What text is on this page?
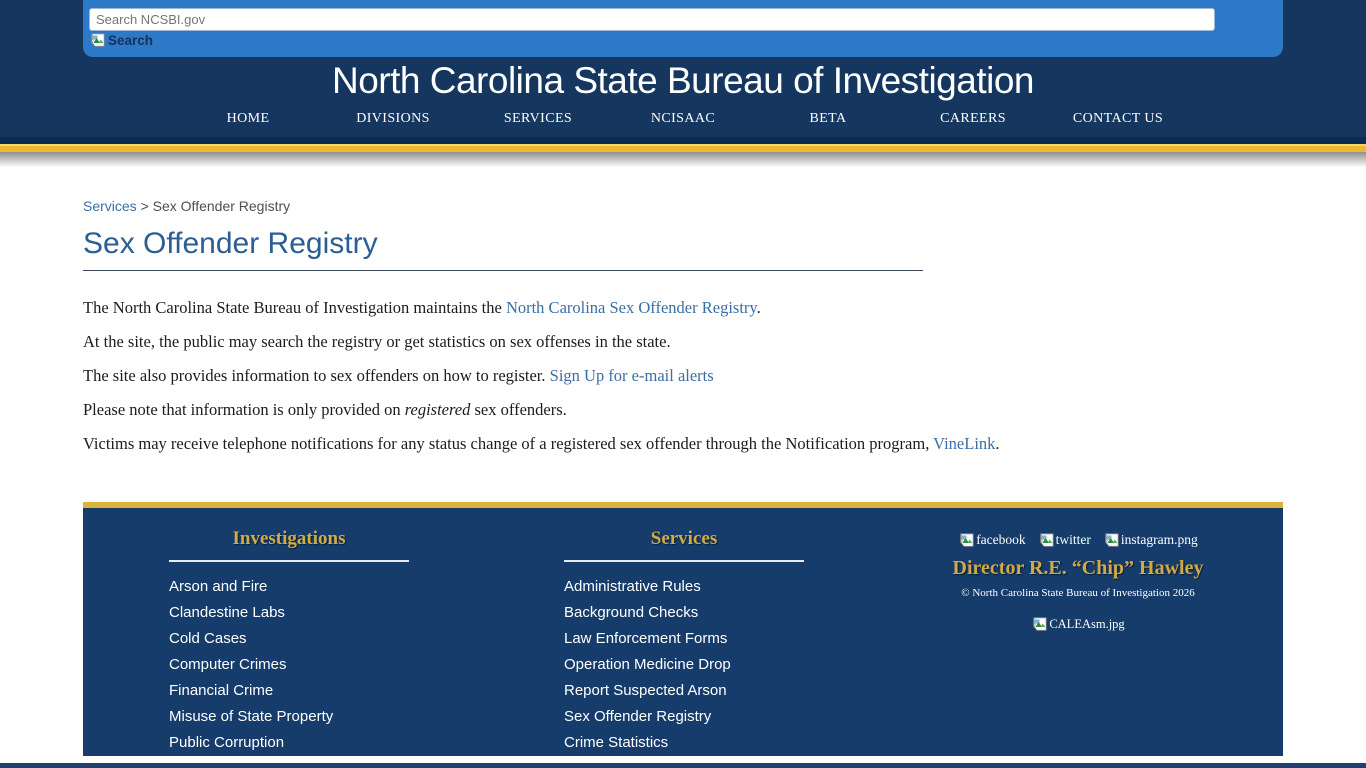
Search NCSBI.gov
Search
North Carolina State Bureau of Investigation
HOME	DIVISIONS	SERVICES	NCISAAC	BETA	CAREERS	CONTACT US
Services > Sex Offender Registry
Sex Offender Registry

The North Carolina State Bureau of Investigation maintains the North Carolina Sex Offender Registry.

At the site, the public may search the registry or get statistics on sex offenses in the state.

The site also provides information to sex offenders on how to register. Sign Up for e-mail alerts

Please note that information is only provided on registered sex offenders.

Victims may receive telephone notifications for any status change of a registered sex offender through the Notification program, VineLink.

Investigations
Arson and Fire
Clandestine Labs
Cold Cases
Computer Crimes
Financial Crime
Misuse of State Property
Public Corruption
Services
Administrative Rules
Background Checks
Law Enforcement Forms
Operation Medicine Drop
Report Suspected Arson
Sex Offender Registry
Crime Statistics
facebook twitter instagram.png
Director R.E. “Chip” Hawley
© North Carolina State Bureau of Investigation 2026
CALEAsm.jpg
